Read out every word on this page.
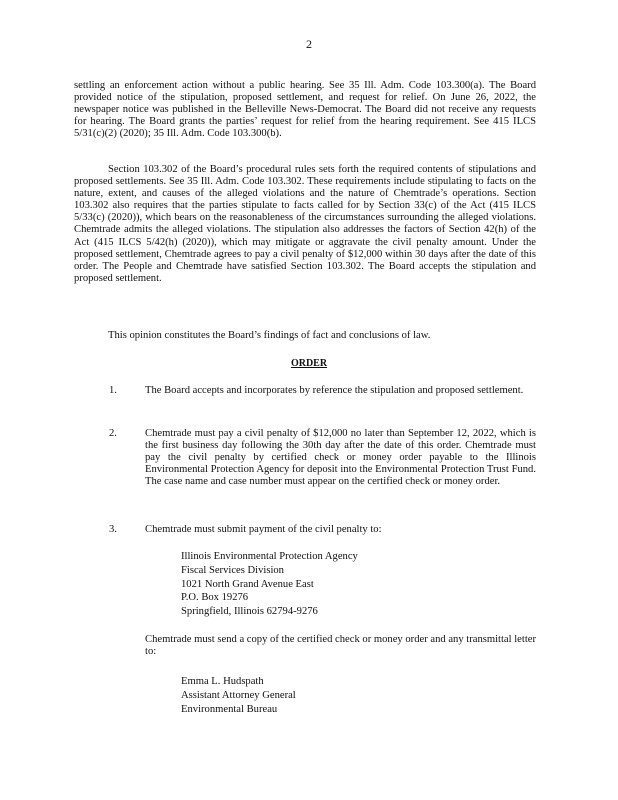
2

settling an enforcement action without a public hearing. See 35 Ill. Adm. Code 103.300(a). The Board provided notice of the stipulation, proposed settlement, and request for relief. On June 26, 2022, the newspaper notice was published in the Belleville News-Democrat. The Board did not receive any requests for hearing. The Board grants the parties’ request for relief from the hearing requirement. See 415 ILCS 5/31(c)(2) (2020); 35 Ill. Adm. Code 103.300(b).

Section 103.302 of the Board’s procedural rules sets forth the required contents of stipulations and proposed settlements. See 35 Ill. Adm. Code 103.302. These requirements include stipulating to facts on the nature, extent, and causes of the alleged violations and the nature of Chemtrade’s operations. Section 103.302 also requires that the parties stipulate to facts called for by Section 33(c) of the Act (415 ILCS 5/33(c) (2020)), which bears on the reasonableness of the circumstances surrounding the alleged violations. Chemtrade admits the alleged violations. The stipulation also addresses the factors of Section 42(h) of the Act (415 ILCS 5/42(h) (2020)), which may mitigate or aggravate the civil penalty amount. Under the proposed settlement, Chemtrade agrees to pay a civil penalty of $12,000 within 30 days after the date of this order. The People and Chemtrade have satisfied Section 103.302. The Board accepts the stipulation and proposed settlement.

This opinion constitutes the Board’s findings of fact and conclusions of law.

ORDER
1.	The Board accepts and incorporates by reference the stipulation and proposed settlement.
2.	Chemtrade must pay a civil penalty of $12,000 no later than September 12, 2022, which is the first business day following the 30th day after the date of this order. Chemtrade must pay the civil penalty by certified check or money order payable to the Illinois Environmental Protection Agency for deposit into the Environmental Protection Trust Fund. The case name and case number must appear on the certified check or money order.
3.	Chemtrade must submit payment of the civil penalty to:
Illinois Environmental Protection Agency
Fiscal Services Division
1021 North Grand Avenue East
P.O. Box 19276
Springfield, Illinois 62794-9276
Chemtrade must send a copy of the certified check or money order and any transmittal letter to:
Emma L. Hudspath
Assistant Attorney General
Environmental Bureau
